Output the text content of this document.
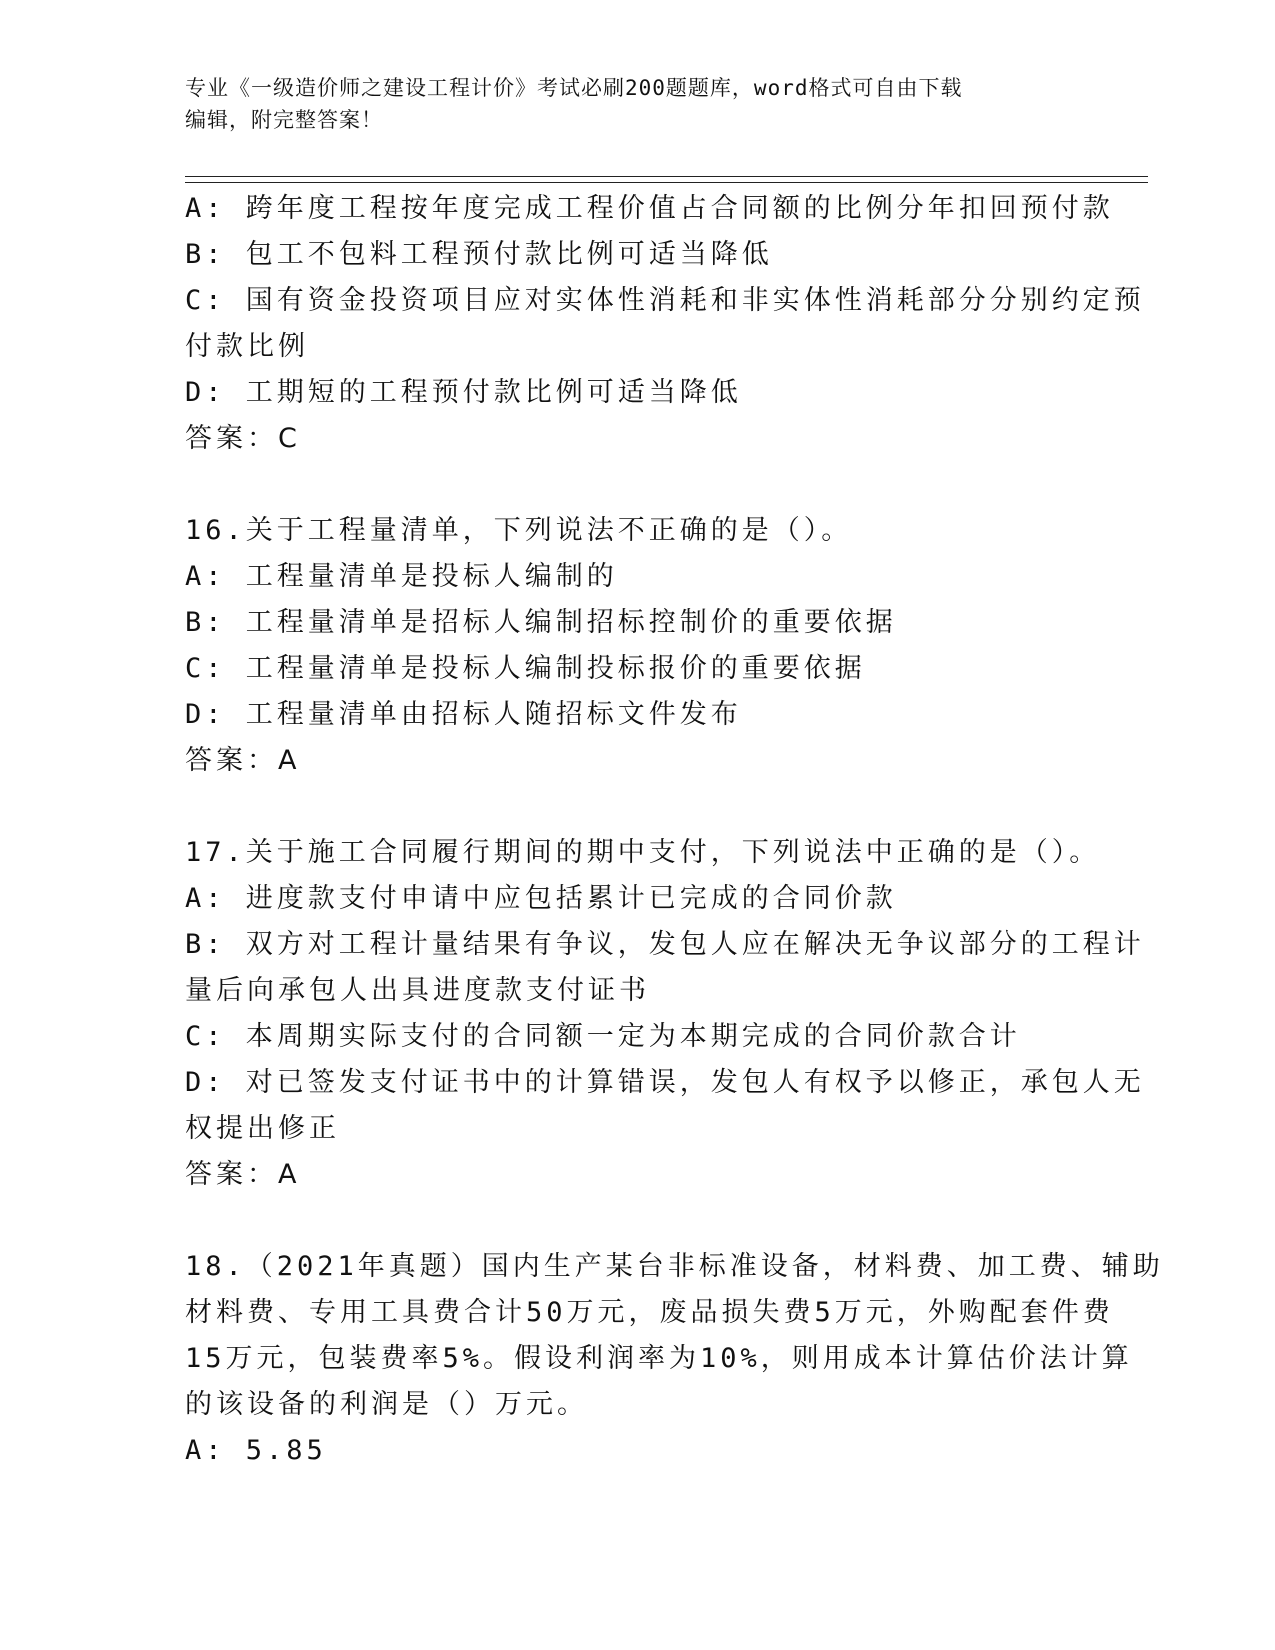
专业《一级造价师之建设工程计价》考试必刷200题题库，word格式可自由下载
编辑，附完整答案！
A: 跨年度工程按年度完成工程价值占合同额的比例分年扣回预付款
B: 包工不包料工程预付款比例可适当降低
C: 国有资金投资项目应对实体性消耗和非实体性消耗部分分别约定预
付款比例
D: 工期短的工程预付款比例可适当降低
答案：C
16.关于工程量清单，下列说法不正确的是（）。
A: 工程量清单是投标人编制的
B: 工程量清单是招标人编制招标控制价的重要依据
C: 工程量清单是投标人编制投标报价的重要依据
D: 工程量清单由招标人随招标文件发布
答案：A
17.关于施工合同履行期间的期中支付，下列说法中正确的是（）。
A: 进度款支付申请中应包括累计已完成的合同价款
B: 双方对工程计量结果有争议，发包人应在解决无争议部分的工程计
量后向承包人出具进度款支付证书
C: 本周期实际支付的合同额一定为本期完成的合同价款合计
D: 对已签发支付证书中的计算错误，发包人有权予以修正，承包人无
权提出修正
答案：A
18.（2021年真题）国内生产某台非标准设备，材料费、加工费、辅助
材料费、专用工具费合计50万元，废品损失费5万元，外购配套件费
15万元，包装费率5%。假设利润率为10%，则用成本计算估价法计算
的该设备的利润是（）万元。
A: 5.85
